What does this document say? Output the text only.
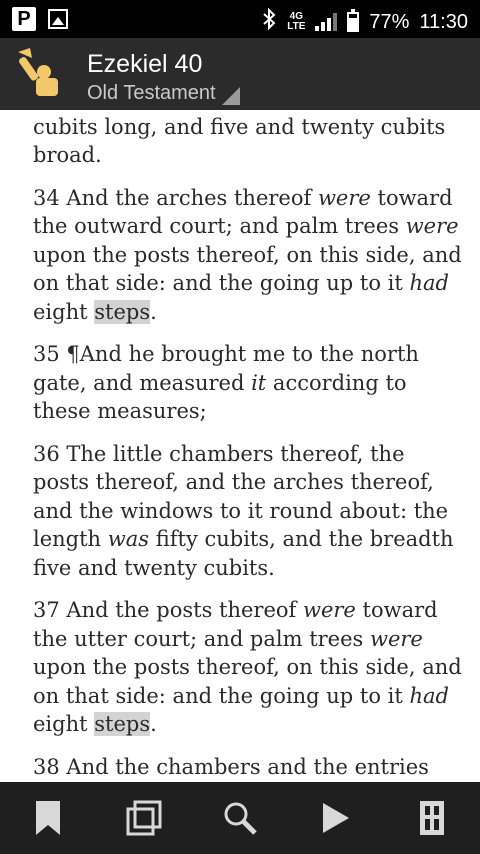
P	4G
LTE	77% 11:30
Ezekiel 40
Old Testament

cubits long, and five and twenty cubits broad.

34 And the arches thereof were toward the outward court; and palm trees were upon the posts thereof, on this side, and on that side: and the going up to it had eight steps.

35 ¶And he brought me to the north gate, and measured it according to these measures;

36 The little chambers thereof, the posts thereof, and the arches thereof, and the windows to it round about: the length was fifty cubits, and the breadth five and twenty cubits.

37 And the posts thereof were toward the utter court; and palm trees were upon the posts thereof, on this side, and on that side: and the going up to it had eight steps.

38 And the chambers and the entries
